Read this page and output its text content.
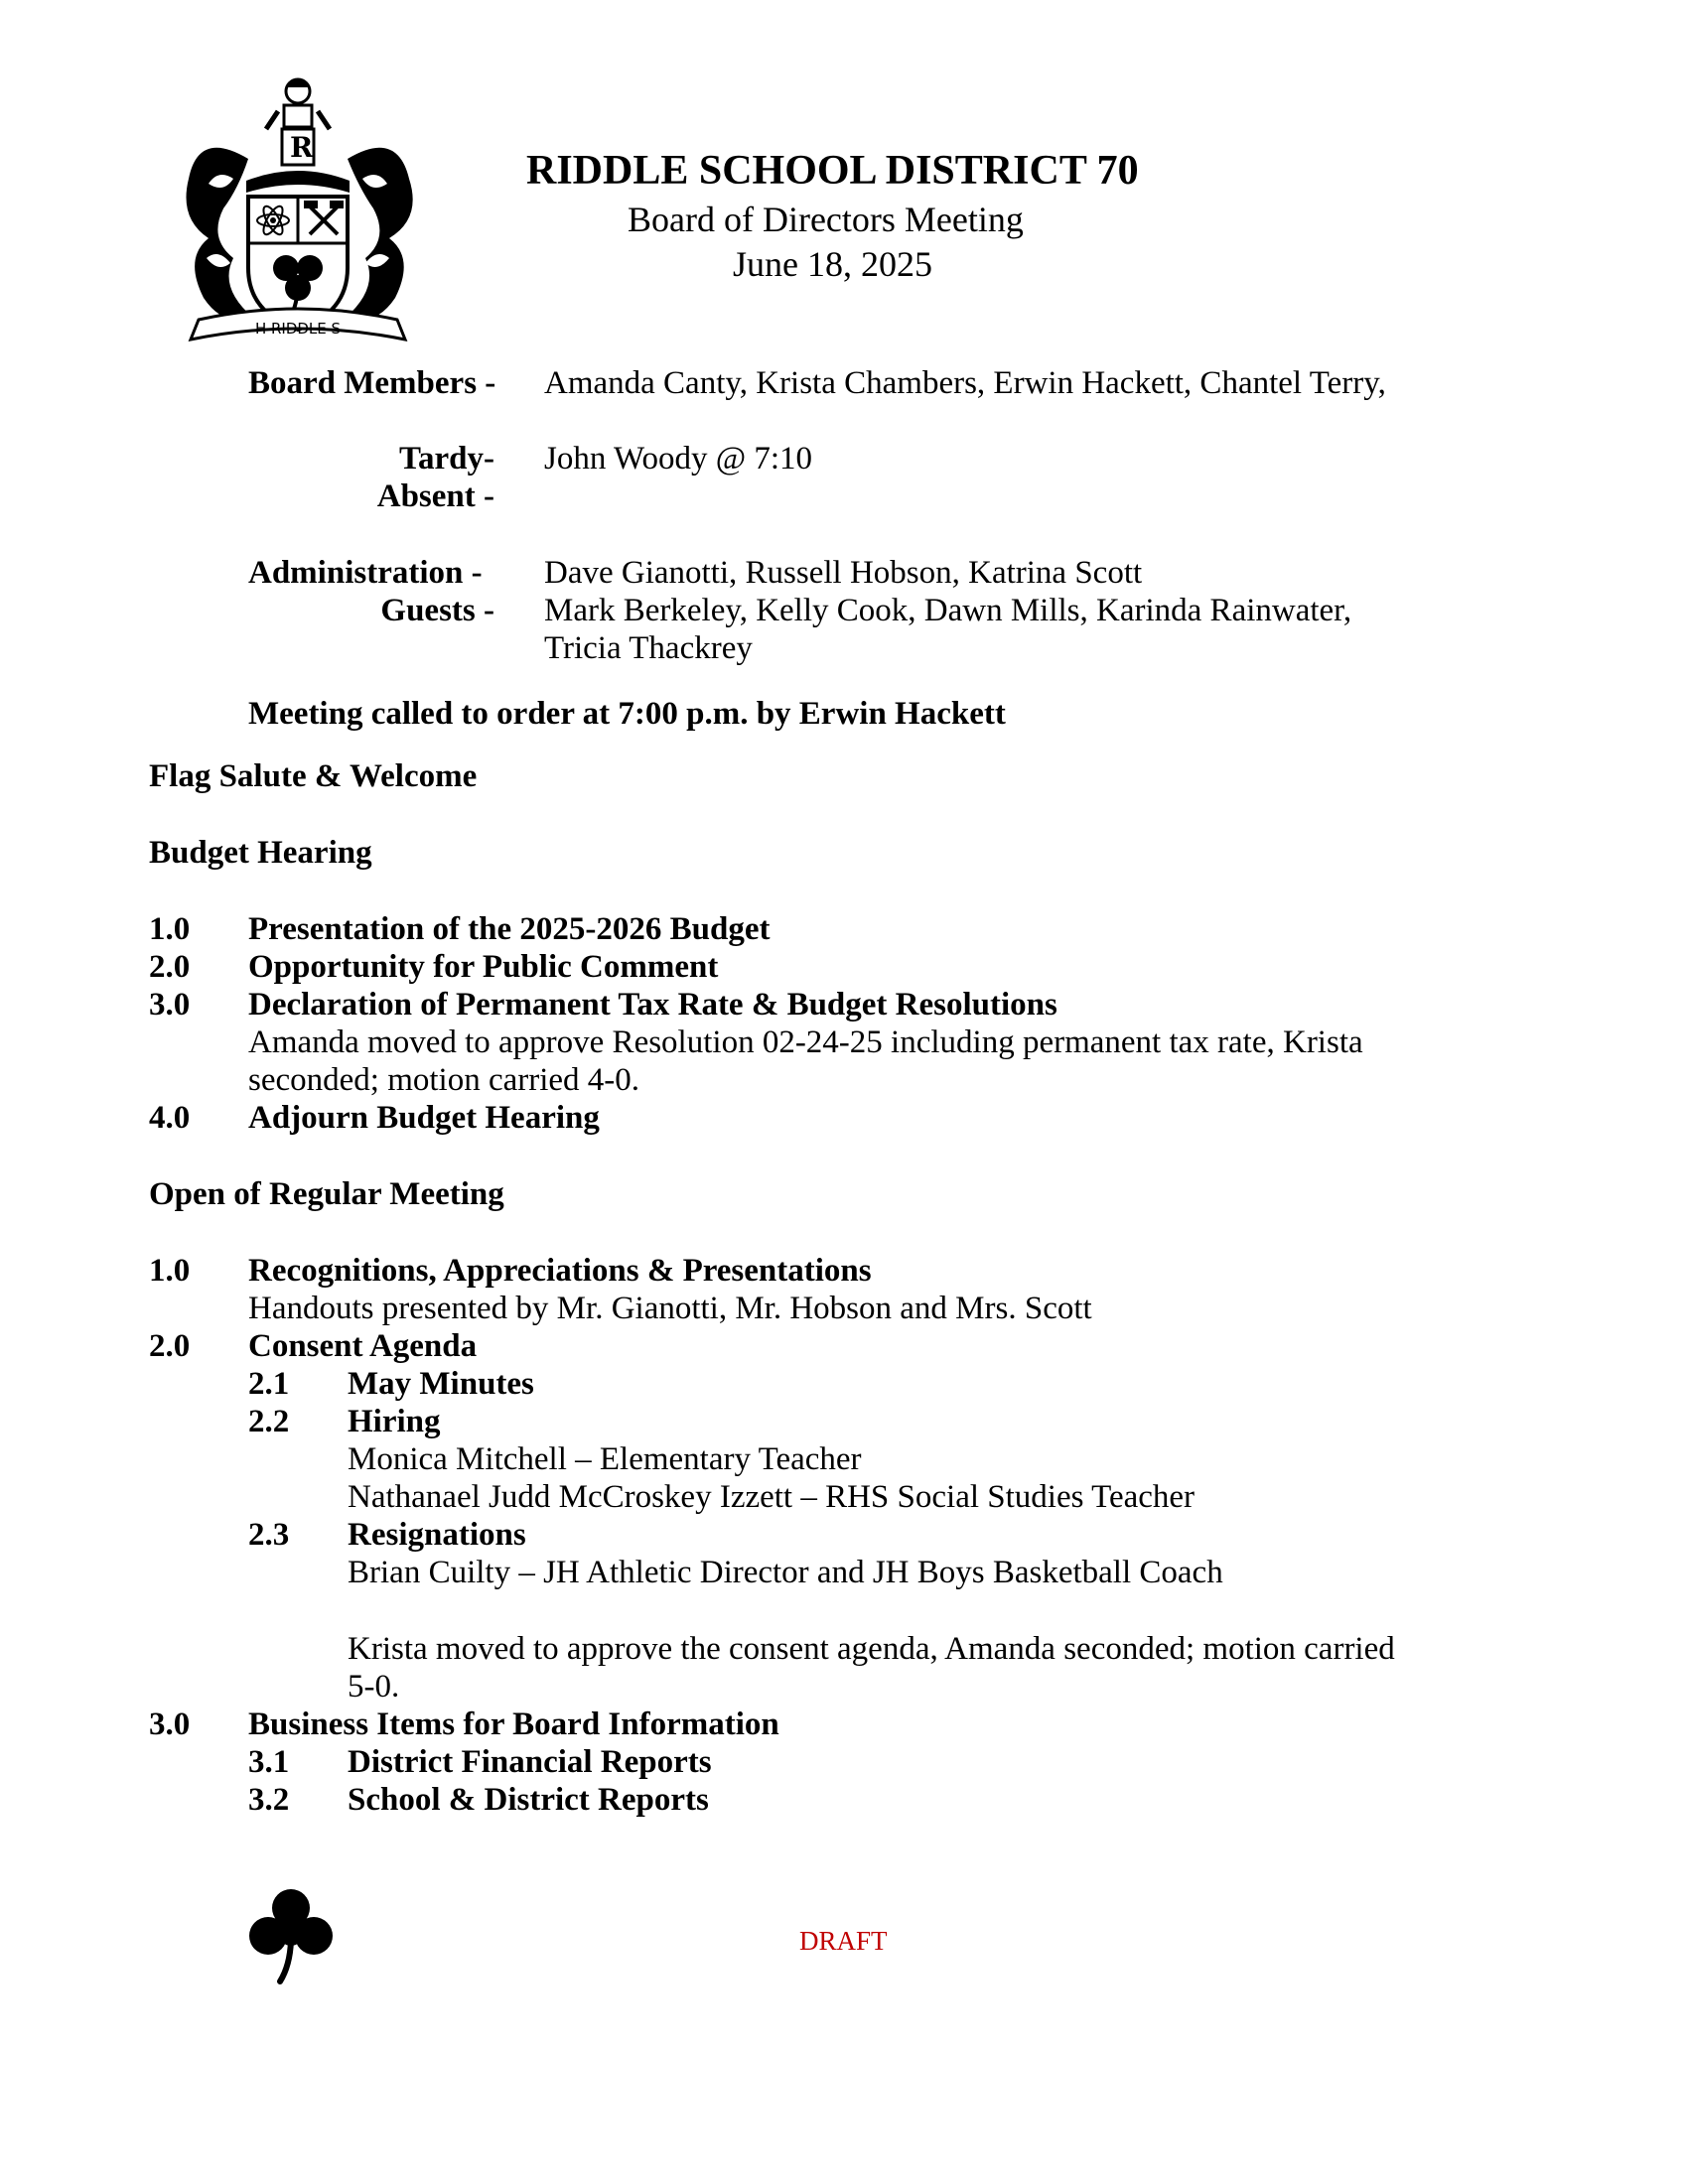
R
H RIDDLE S
RIDDLE SCHOOL DISTRICT 70
Board of Directors Meeting
June 18, 2025
Board Members - Amanda Canty, Krista Chambers, Erwin Hackett, Chantel Terry,
Tardy- John Woody @ 7:10
Absent -
Administration - Dave Gianotti, Russell Hobson, Katrina Scott
Guests - Mark Berkeley, Kelly Cook, Dawn Mills, Karinda Rainwater,
Tricia Thackrey
Meeting called to order at 7:00 p.m. by Erwin Hackett
Flag Salute & Welcome
Budget Hearing
1.0 Presentation of the 2025-2026 Budget
2.0 Opportunity for Public Comment
3.0 Declaration of Permanent Tax Rate & Budget Resolutions
Amanda moved to approve Resolution 02-24-25 including permanent tax rate, Krista
seconded; motion carried 4-0.
4.0 Adjourn Budget Hearing
Open of Regular Meeting
1.0 Recognitions, Appreciations & Presentations
Handouts presented by Mr. Gianotti, Mr. Hobson and Mrs. Scott
2.0 Consent Agenda
2.1 May Minutes
2.2 Hiring
Monica Mitchell – Elementary Teacher
Nathanael Judd McCroskey Izzett – RHS Social Studies Teacher
2.3 Resignations
Brian Cuilty – JH Athletic Director and JH Boys Basketball Coach
Krista moved to approve the consent agenda, Amanda seconded; motion carried
5-0.
3.0 Business Items for Board Information
3.1 District Financial Reports
3.2 School & District Reports
DRAFT
